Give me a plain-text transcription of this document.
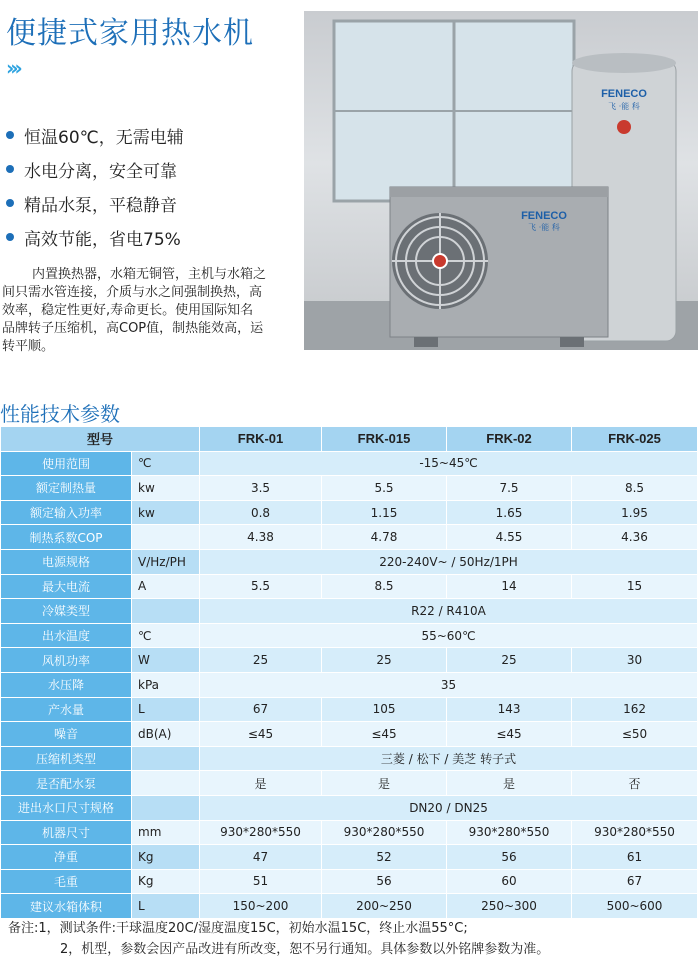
便捷式家用热水机
›››
恒温60℃，无需电辅
水电分离，安全可靠
精品水泵，平稳静音
高效节能，省电75%
内置换热器，水箱无铜管，主机与水箱之间只需水管连接，介质与水之间强制换热，高效率，稳定性更好,寿命更长。使用国际知名品牌转子压缩机，高COP值，制热能效高，运转平顺。
FENECO
飞 ·能 科
FENECO
飞 ·能 科
性能技术参数
型号		FRK-01	FRK-015	FRK-02	FRK-025
使用范围	℃	-15~45℃			
额定制热量	kw	3.5	5.5	7.5	8.5
额定输入功率	kw	0.8	1.15	1.65	1.95
制热系数COP		4.38	4.78	4.55	4.36
电源规格	V/Hz/PH	220-240V~ / 50Hz/1PH			
最大电流	A	5.5	8.5	14	15
冷媒类型		R22 / R410A			
出水温度	℃	55~60℃			
风机功率	W	25	25	25	30
水压降	kPa	35			
产水量	L	67	105	143	162
噪音	dB(A)	≤45	≤45	≤45	≤50
压缩机类型		三菱 / 松下 / 美芝 转子式			
是否配水泵		是	是	是	否
进出水口尺寸规格		DN20 / DN25			
机器尺寸	mm	930*280*550	930*280*550	930*280*550	930*280*550
净重	Kg	47	52	56	61
毛重	Kg	51	56	60	67
建议水箱体积	L	150~200	200~250	250~300	500~600
备注:1，测试条件:干球温度20C/湿度温度15C，初始水温15C，终止水温55°C;
2，机型，参数会因产品改进有所改变，恕不另行通知。具体参数以外铭牌参数为准。
